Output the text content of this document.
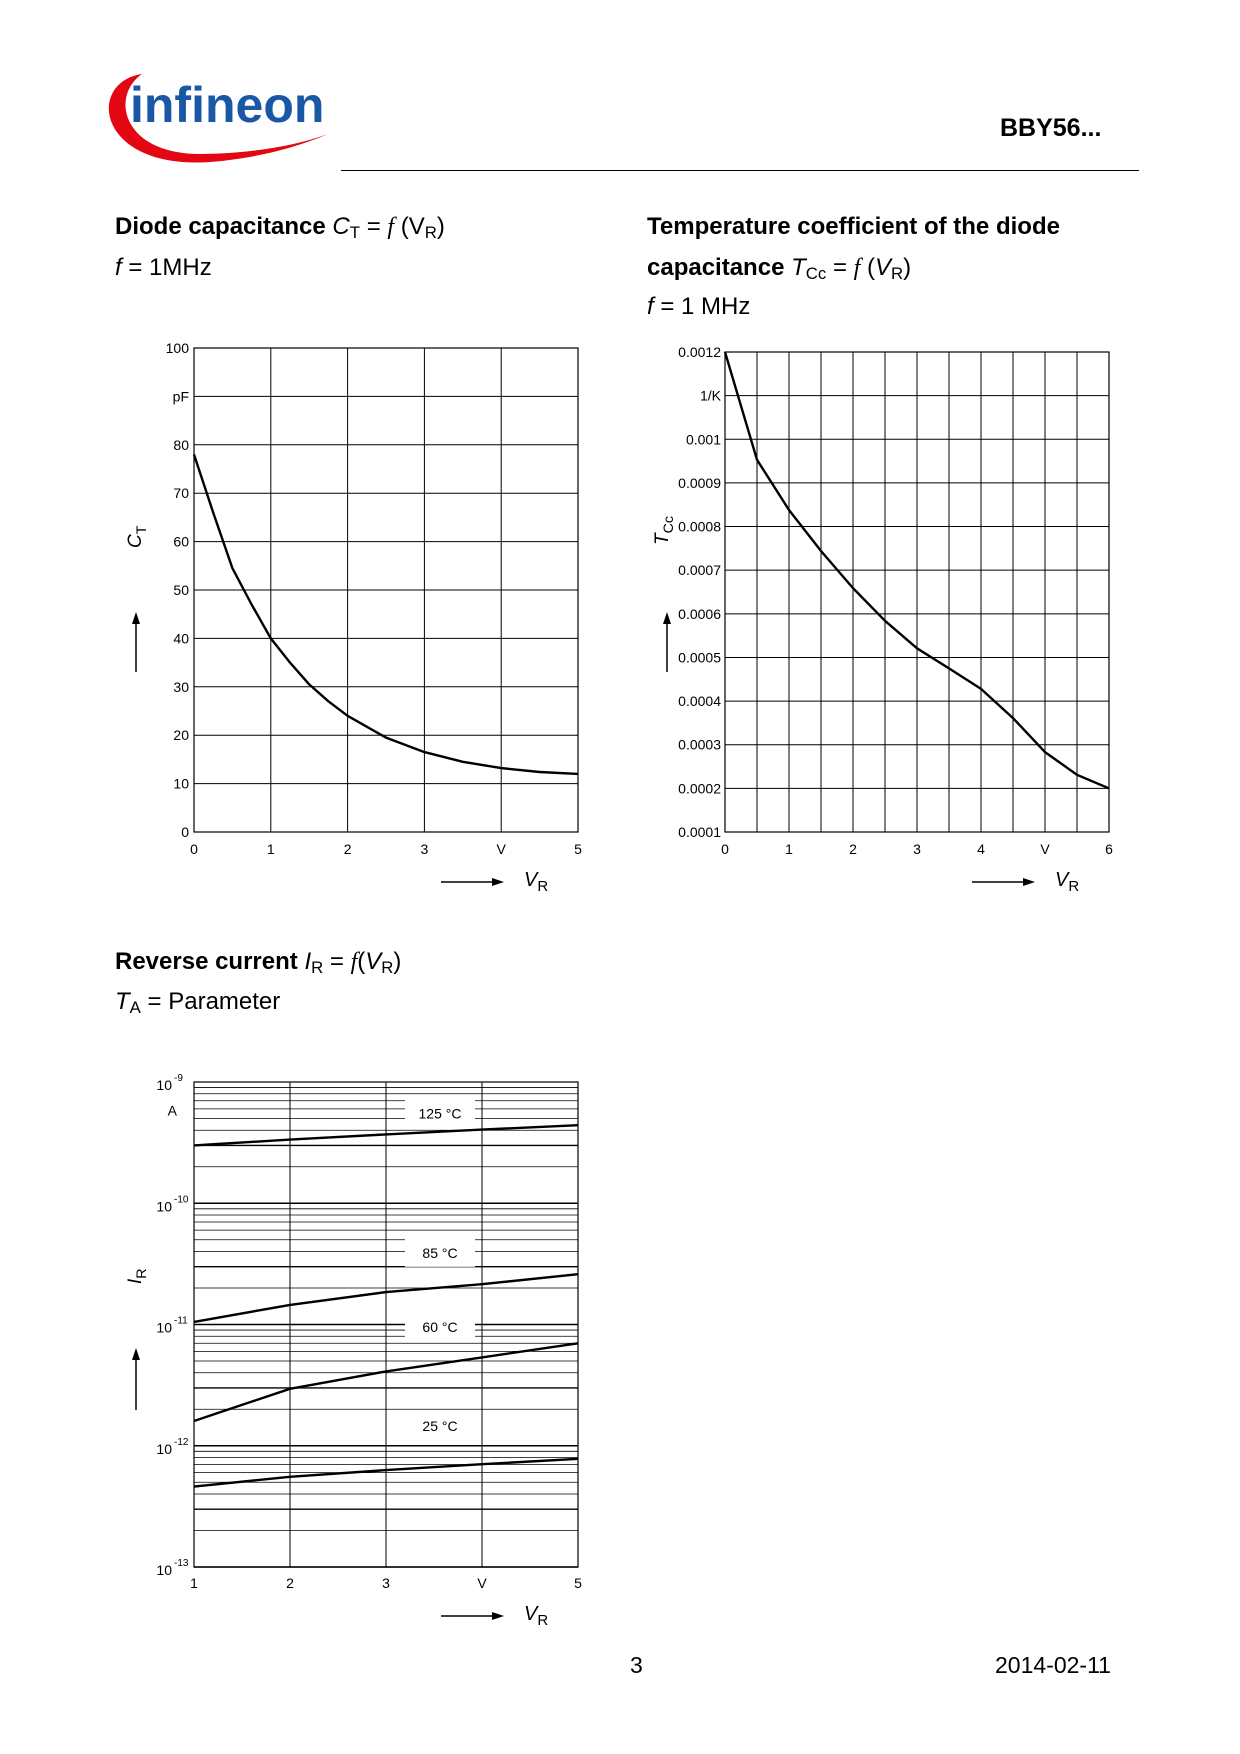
infineon	BBY56...
Diode capacitance $C_T = f$ $(V_R)$
f = 1MHz
Temperature coefficient of the diode
capacitance $T_{Cc} = f$ $(V_R)$
f = 1 MHz
Reverse current $I_R = f(V_R)$
$T_A$ = Parameter
0
10
20
30
40
50
60
70
80
pF
100
0	1	2	3	V	5
$C_T$
$V_R$
0.0001
0.0002
0.0003
0.0004
0.0005
0.0006
0.0007
0.0008
0.0009
0.001
1/K
0.0012
0	1	2	3	4	V	6
$T_{Cc}$
$V_R$
10 -13
10 -12
10 -11
10 -10
10 -9
1	2	3	V	5
125 °C
85 °C
60 °C
25 °C
A
$I_R$
$V_R$
3	2014-02-11
